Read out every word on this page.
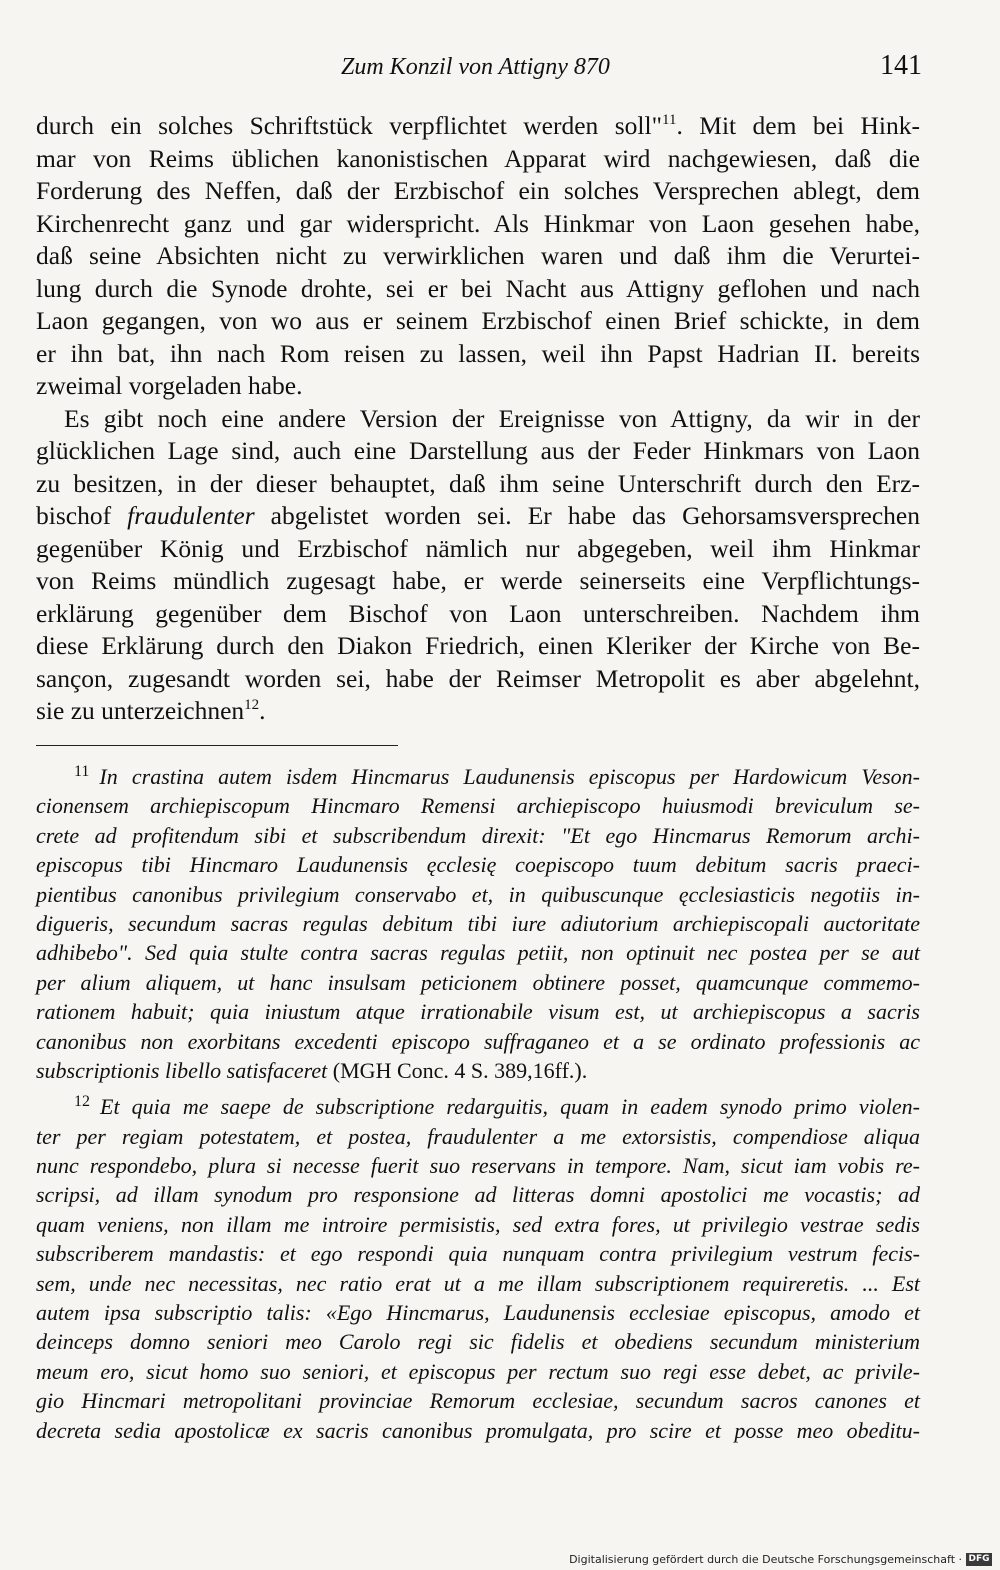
Zum Konzil von Attigny 870	141
durch ein solches Schriftstück verpflichtet werden soll"$^{11}$. Mit dem bei Hink-
mar von Reims üblichen kanonistischen Apparat wird nachgewiesen, daß die
Forderung des Neffen, daß der Erzbischof ein solches Versprechen ablegt, dem
Kirchenrecht ganz und gar widerspricht. Als Hinkmar von Laon gesehen habe,
daß seine Absichten nicht zu verwirklichen waren und daß ihm die Verurtei-
lung durch die Synode drohte, sei er bei Nacht aus Attigny geflohen und nach
Laon gegangen, von wo aus er seinem Erzbischof einen Brief schickte, in dem
er ihn bat, ihn nach Rom reisen zu lassen, weil ihn Papst Hadrian II. bereits
zweimal vorgeladen habe.
Es gibt noch eine andere Version der Ereignisse von Attigny, da wir in der
glücklichen Lage sind, auch eine Darstellung aus der Feder Hinkmars von Laon
zu besitzen, in der dieser behauptet, daß ihm seine Unterschrift durch den Erz-
bischof fraudulenter abgelistet worden sei. Er habe das Gehorsamsversprechen
gegenüber König und Erzbischof nämlich nur abgegeben, weil ihm Hinkmar
von Reims mündlich zugesagt habe, er werde seinerseits eine Verpflichtungs-
erklärung gegenüber dem Bischof von Laon unterschreiben. Nachdem ihm
diese Erklärung durch den Diakon Friedrich, einen Kleriker der Kirche von Be-
sançon, zugesandt worden sei, habe der Reimser Metropolit es aber abgelehnt,
sie zu unterzeichnen$^{12}$.
$^{11}$ In crastina autem isdem Hincmarus Laudunensis episcopus per Hardowicum Veson-
cionensem archiepiscopum Hincmaro Remensi archiepiscopo huiusmodi breviculum se-
crete ad profitendum sibi et subscribendum direxit: "Et ego Hincmarus Remorum archi-
episcopus tibi Hincmaro Laudunensis ęcclesię coepiscopo tuum debitum sacris praeci-
pientibus canonibus privilegium conservabo et, in quibuscunque ęcclesiasticis negotiis in-
digueris, secundum sacras regulas debitum tibi iure adiutorium archiepiscopali auctoritate
adhibebo". Sed quia stulte contra sacras regulas petiit, non optinuit nec postea per se aut
per alium aliquem, ut hanc insulsam peticionem obtinere posset, quamcunque commemo-
rationem habuit; quia iniustum atque irrationabile visum est, ut archiepiscopus a sacris
canonibus non exorbitans excedenti episcopo suffraganeo et a se ordinato professionis ac
subscriptionis libello satisfaceret (MGH Conc. 4 S. 389,16ff.).
$^{12}$ Et quia me saepe de subscriptione redarguitis, quam in eadem synodo primo violen-
ter per regiam potestatem, et postea, fraudulenter a me extorsistis, compendiose aliqua
nunc respondebo, plura si necesse fuerit suo reservans in tempore. Nam, sicut iam vobis re-
scripsi, ad illam synodum pro responsione ad litteras domni apostolici me vocastis; ad
quam veniens, non illam me introire permisistis, sed extra fores, ut privilegio vestrae sedis
subscriberem mandastis: et ego respondi quia nunquam contra privilegium vestrum fecis-
sem, unde nec necessitas, nec ratio erat ut a me illam subscriptionem requireretis. ... Est
autem ipsa subscriptio talis: «Ego Hincmarus, Laudunensis ecclesiae episcopus, amodo et
deinceps domno seniori meo Carolo regi sic fidelis et obediens secundum ministerium
meum ero, sicut homo suo seniori, et episcopus per rectum suo regi esse debet, ac privile-
gio Hincmari metropolitani provinciae Remorum ecclesiae, secundum sacros canones et
decreta sedia apostolicæ ex sacris canonibus promulgata, pro scire et posse meo obeditu-
Digitalisierung gefördert durch die Deutsche Forschungsgemeinschaft · DFG
